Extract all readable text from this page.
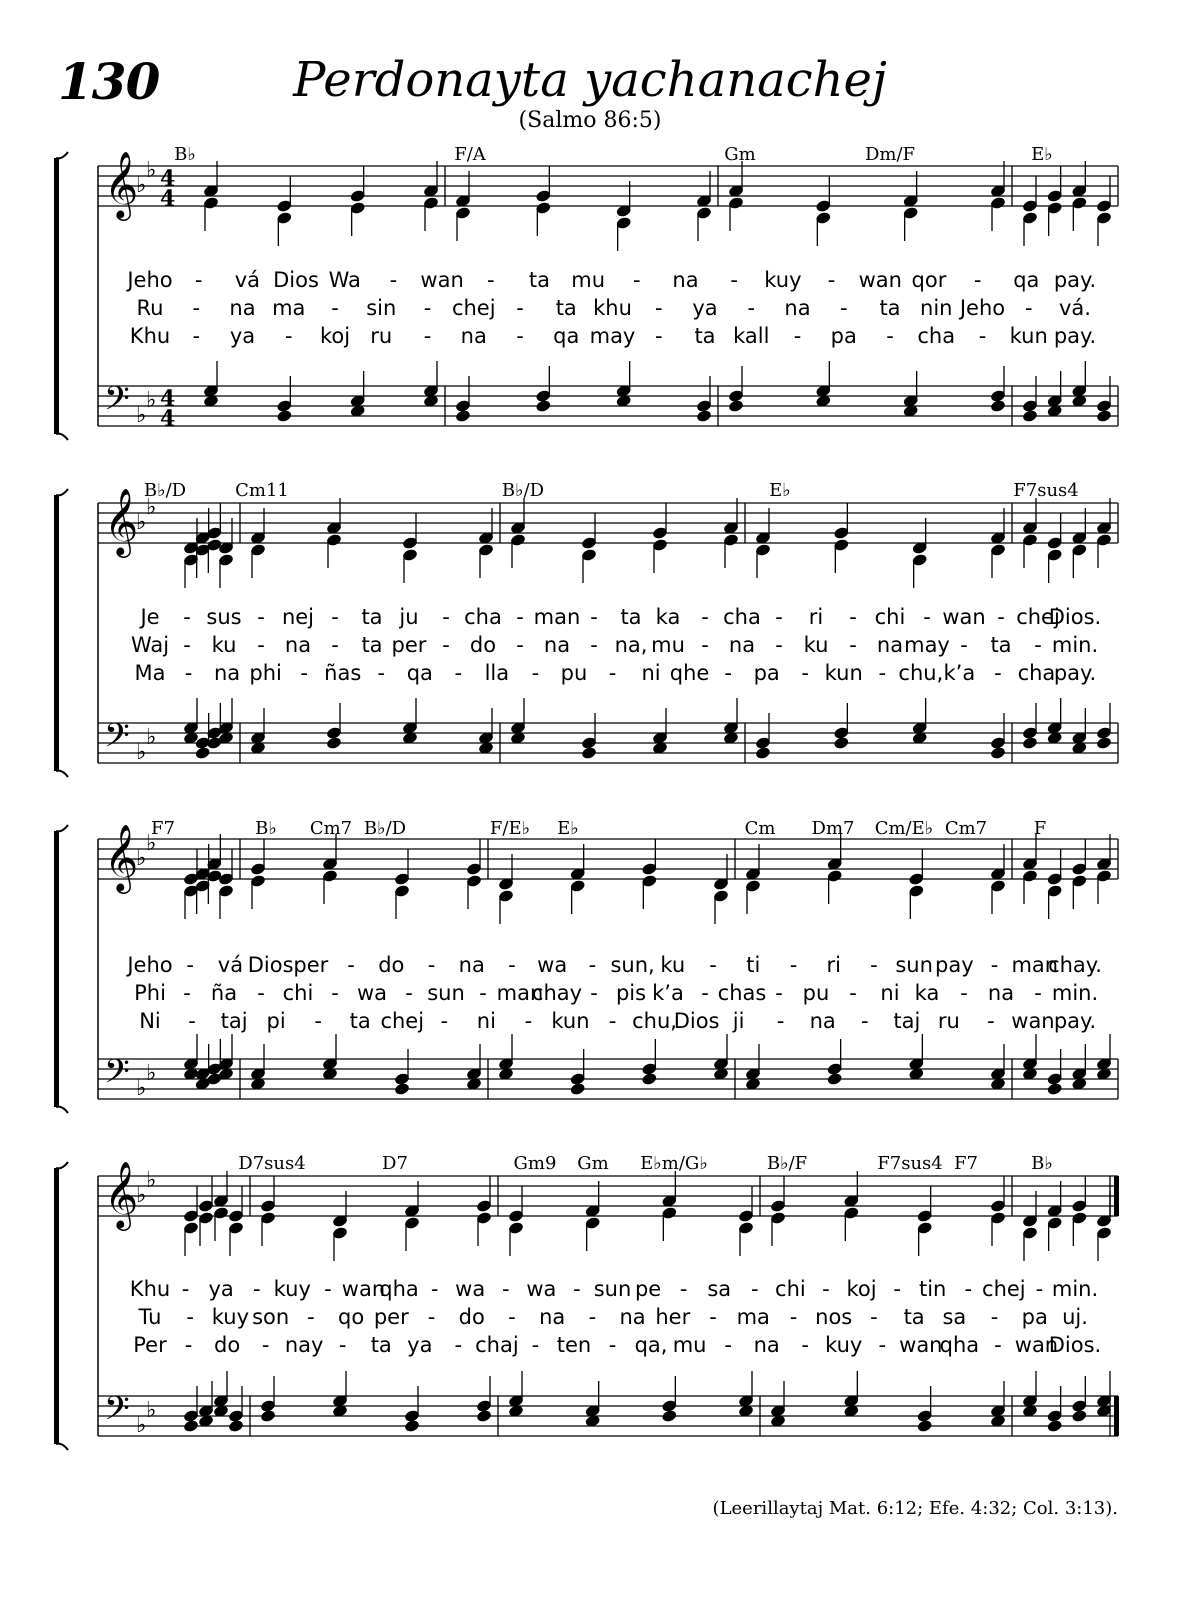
130	Perdonayta yachanachej
(Salmo 86:5)
𝄞
♭
♭ 4
4
𝄢 ♭
♭ 4
4
B♭	F/A	Gm	Dm/F	E♭
Jeho - vá Dios Wa - wan - ta mu - na - kuy - wan qor - qa pay.
Ru - na ma - sin - chej - ta khu - ya - na - ta nin Jeho - vá.
Khu - ya - koj ru - na - qa may - ta kall - pa - cha - kun pay.
𝄞
♭
♭
𝄢 ♭
♭
B♭/D	Cm11	B♭/D	E♭	F7sus4
Je - sus - nej - ta ju - cha - man - ta ka - cha - ri - chi - wan - chej
Dios.
Waj - ku - na - ta per - do - na - na, mu - na - ku - na may - ta - min.
Ma - na phi - ñas - qa - lla - pu - ni qhe - pa - kun - chu, k’a - cha
pay.
𝄞
♭
♭
𝄢 ♭
♭
F7	B♭ Cm7 B♭/D	F/E♭ E♭	Cm Dm7 Cm/E♭ Cm7	F
Jeho - vá Dios per - do - na - wa - sun, ku - ti - ri - sun pay - man
chay.
Phi - ña - chi - wa - sun - man
chay - pis k’a - chas - pu - ni ka - na - min.
Ni - taj pi - ta chej - ni - kun - chu,
Dios ji - na - taj ru - wan pay.
𝄞
♭
♭
𝄢 ♭
♭
D7sus4	D7	Gm9 Gm E♭m/G♭	B♭/F	F7sus4 F7	B♭
Khu - ya - kuy - wan
qha - wa - wa - sun pe - sa - chi - koj - tin - chej - min.
Tu - kuy son - qo per - do - na - na her - ma - nos - ta sa - pa uj.
Per - do - nay - ta ya - chaj - ten - qa, mu - na - kuy - wan
qha - wan
Dios.
(Leerillaytaj Mat. 6:12; Efe. 4:32; Col. 3:13).
